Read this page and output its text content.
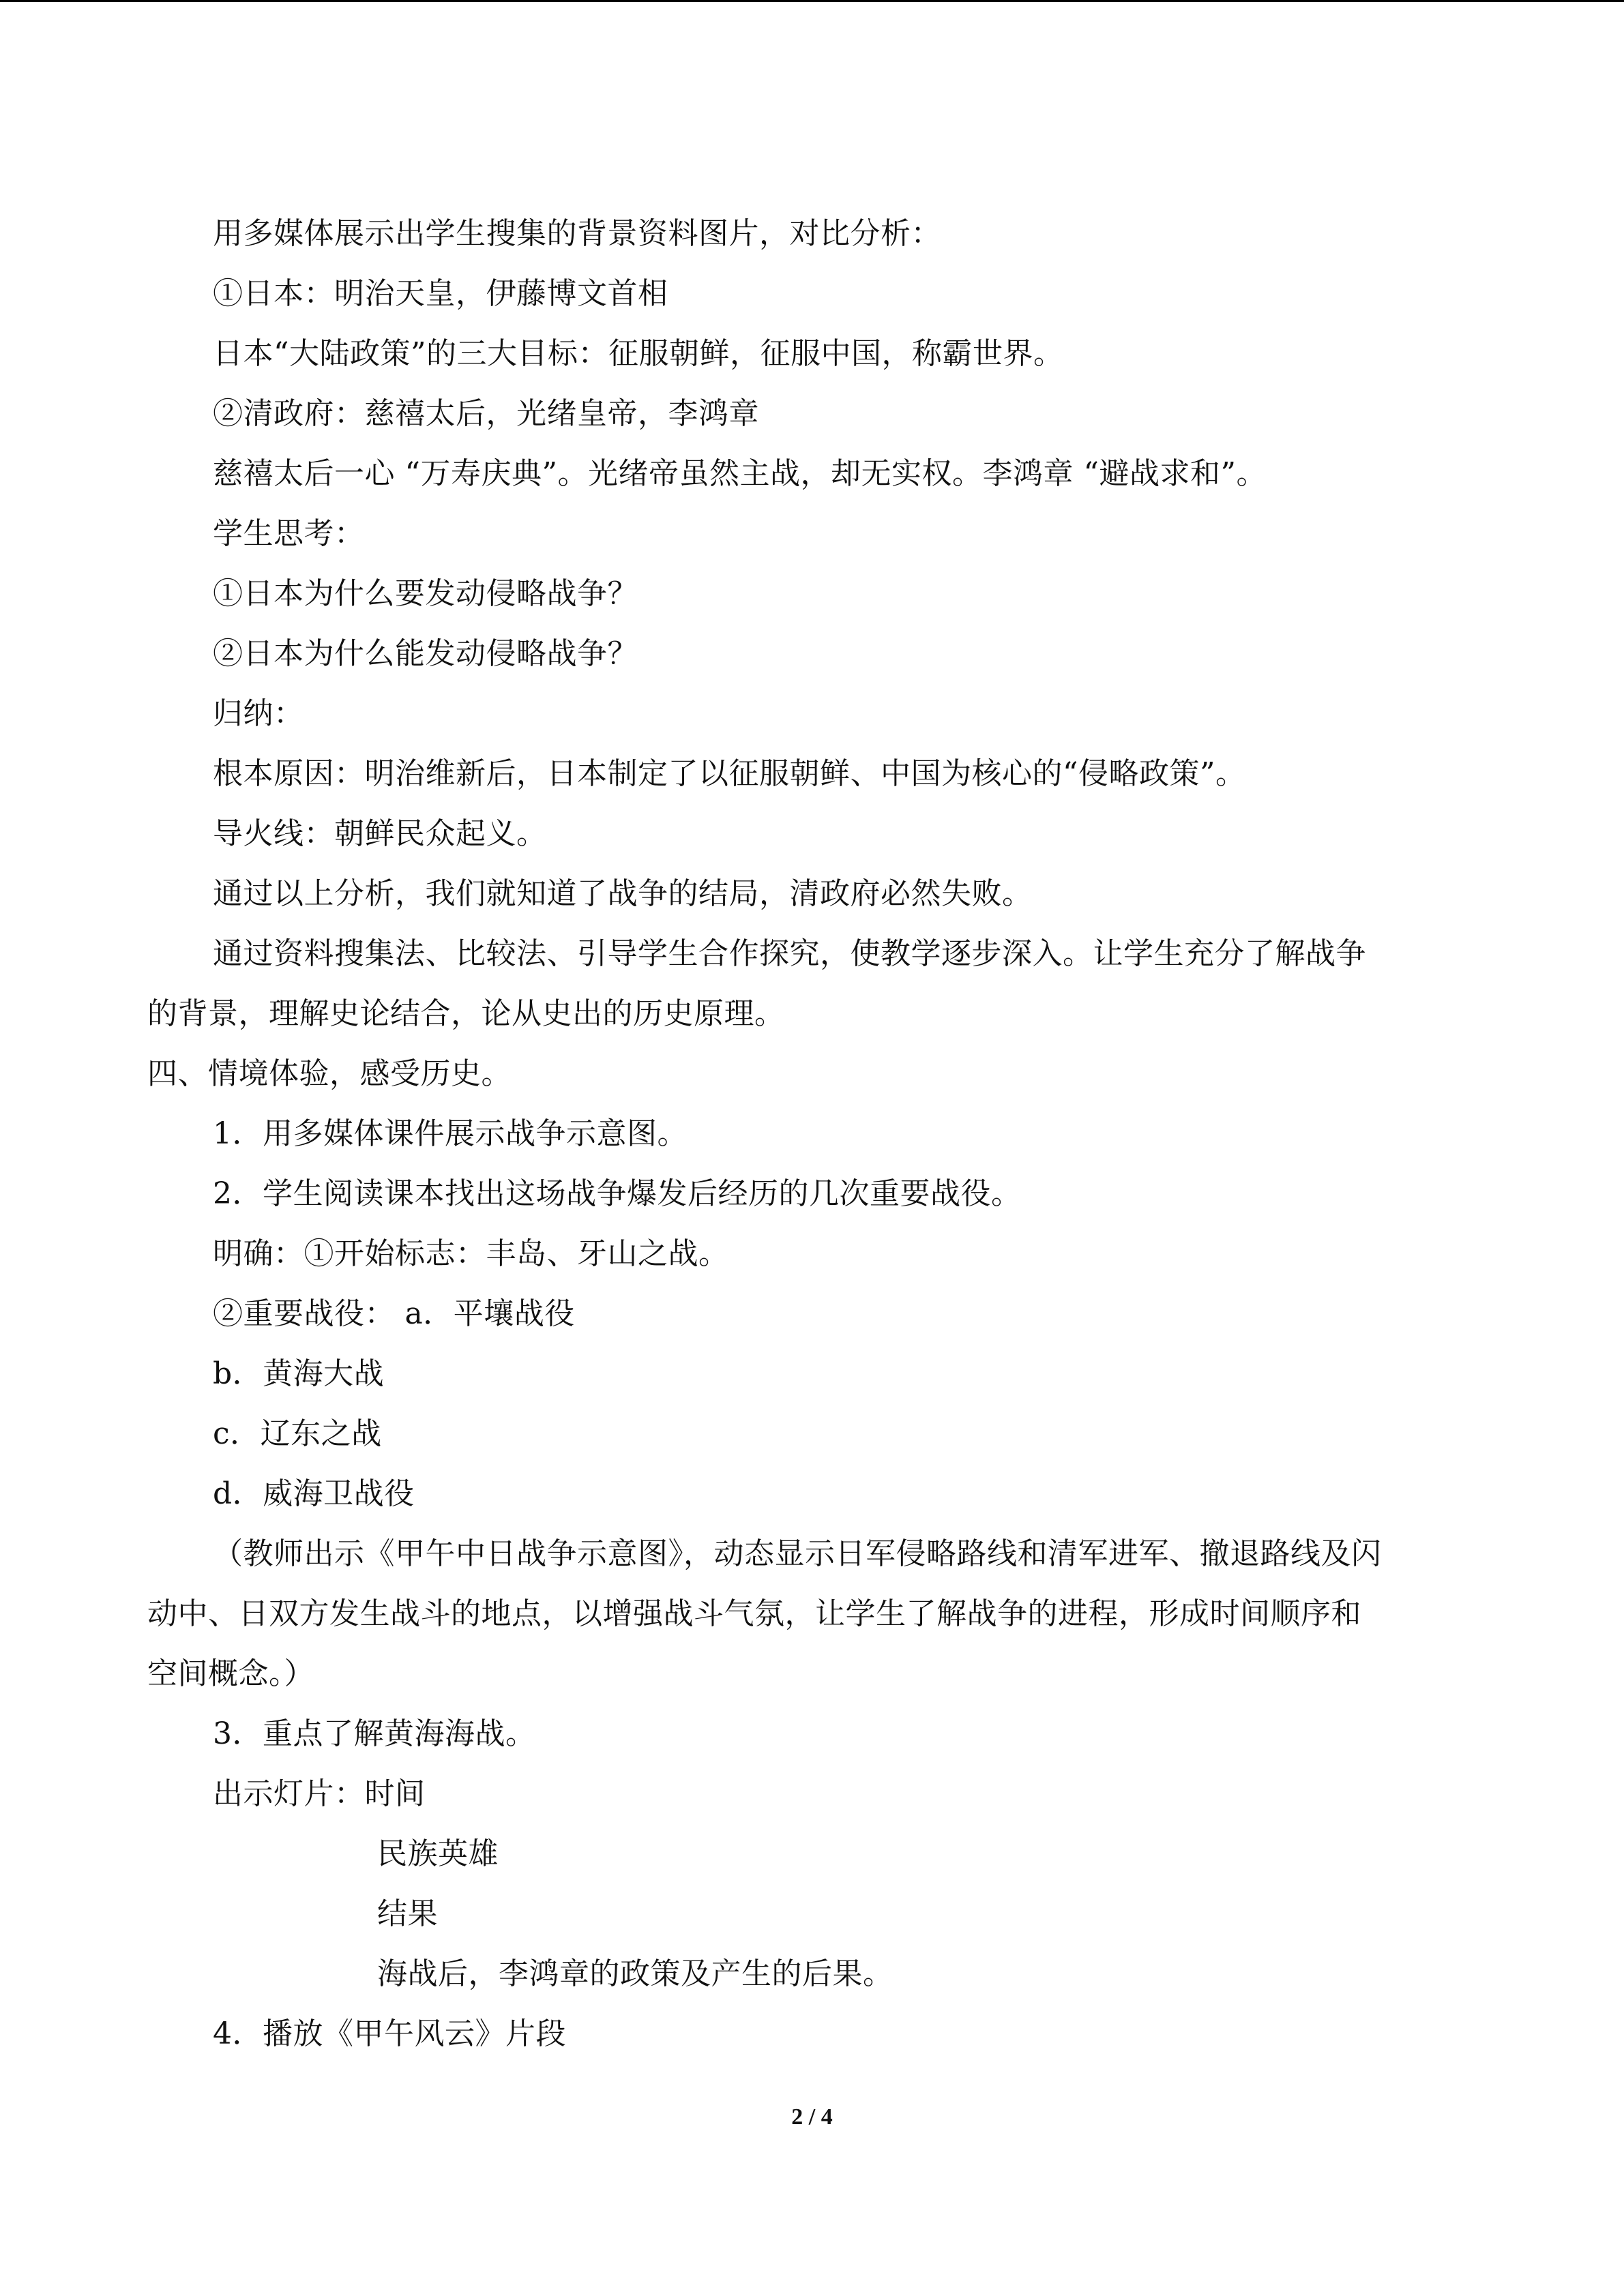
用多媒体展示出学生搜集的背景资料图片，对比分析：
①日本：明治天皇，伊藤博文首相
日本“大陆政策”的三大目标：征服朝鲜，征服中国，称霸世界。
②清政府：慈禧太后，光绪皇帝，李鸿章
慈禧太后一心 “万寿庆典”。光绪帝虽然主战，却无实权。李鸿章 “避战求和”。
学生思考：
①日本为什么要发动侵略战争？
②日本为什么能发动侵略战争？
归纳：
根本原因：明治维新后，日本制定了以征服朝鲜、中国为核心的“侵略政策”。
导火线：朝鲜民众起义。
通过以上分析，我们就知道了战争的结局，清政府必然失败。
通过资料搜集法、比较法、引导学生合作探究，使教学逐步深入。让学生充分了解战争
的背景，理解史论结合，论从史出的历史原理。
四、情境体验，感受历史。
1．用多媒体课件展示战争示意图。
2．学生阅读课本找出这场战争爆发后经历的几次重要战役。
明确：①开始标志：丰岛、牙山之战。
②重要战役： a．平壤战役
b．黄海大战
c．辽东之战
d．威海卫战役
（教师出示《甲午中日战争示意图》，动态显示日军侵略路线和清军进军、撤退路线及闪
动中、日双方发生战斗的地点，以增强战斗气氛，让学生了解战争的进程，形成时间顺序和
空间概念。）
3．重点了解黄海海战。
出示灯片：时间
民族英雄
结果
海战后，李鸿章的政策及产生的后果。
4．播放《甲午风云》片段
2 / 4
